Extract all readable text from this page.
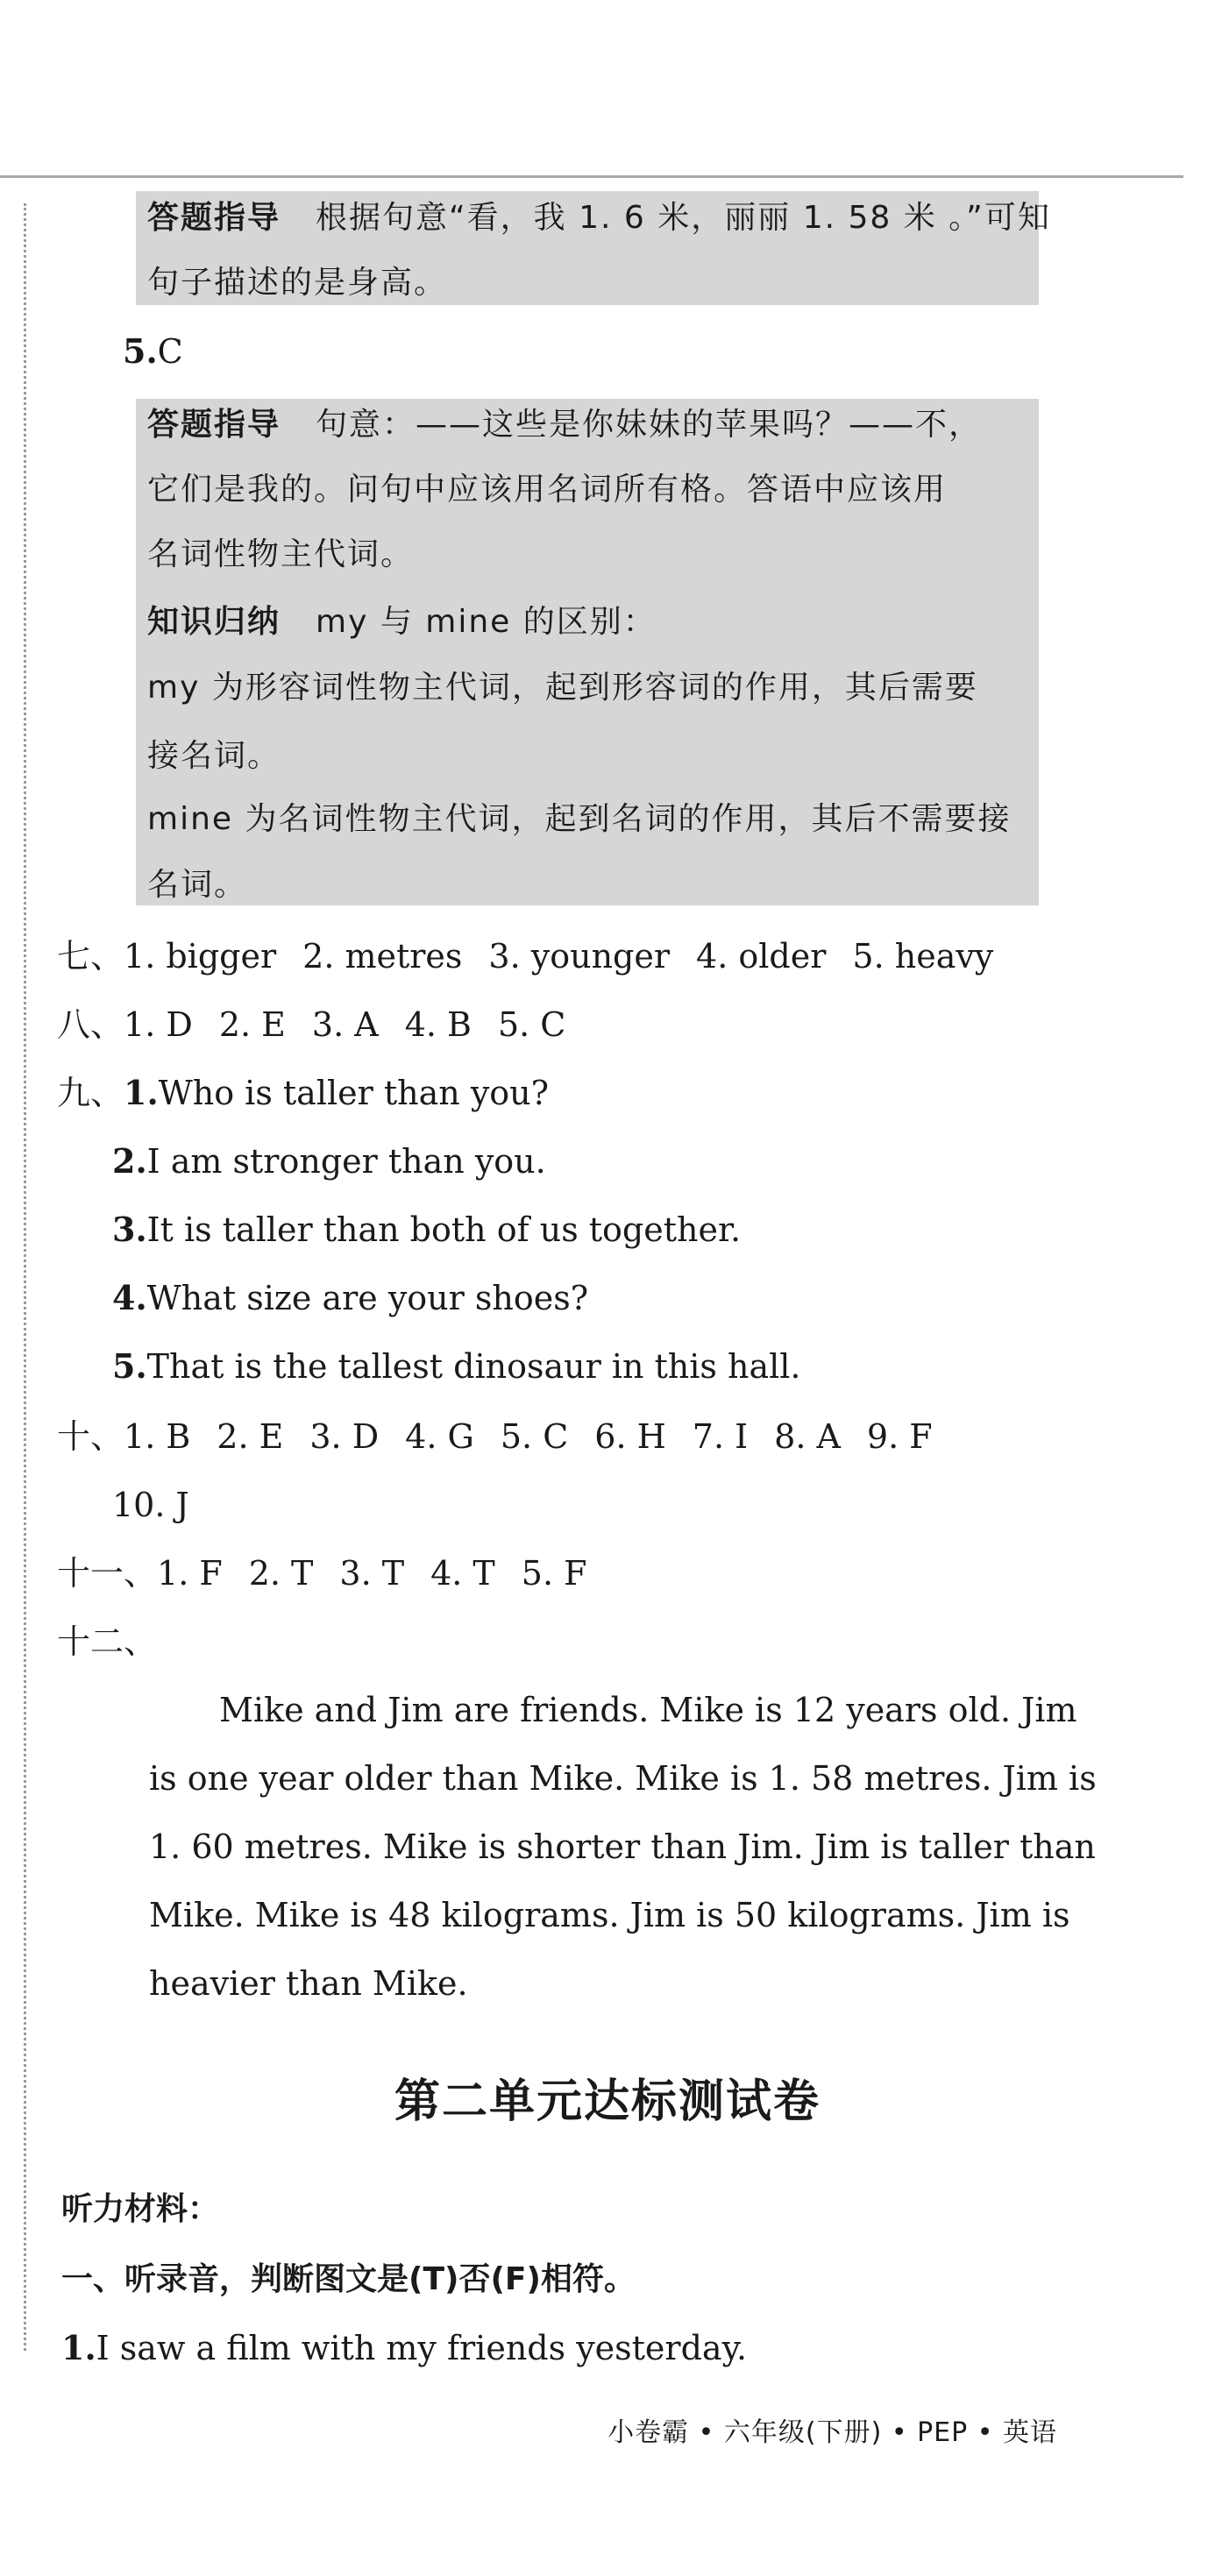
答题指导 根据句意“看，我 1. 6 米，丽丽 1. 58 米 。”可知
句子描述的是身高。
5.C
答题指导 句意：——这些是你妹妹的苹果吗？——不，
它们是我的。问句中应该用名词所有格。答语中应该用
名词性物主代词。
知识归纳 my 与 mine 的区别：
my 为形容词性物主代词，起到形容词的作用，其后需要
接名词。
mine 为名词性物主代词，起到名词的作用，其后不需要接
名词。
七、1. bigger 2. metres 3. younger 4. older 5. heavy
八、1. D 2. E 3. A 4. B 5. C
九、1.Who is taller than you?
2.I am stronger than you.
3.It is taller than both of us together.
4.What size are your shoes?
5.That is the tallest dinosaur in this hall.
十、1. B 2. E 3. D 4. G 5. C 6. H 7. I 8. A 9. F
10. J
十一、1. F 2. T 3. T 4. T 5. F
十二、
Mike and Jim are friends. Mike is 12 years old. Jim
is one year older than Mike. Mike is 1. 58 metres. Jim is
1. 60 metres. Mike is shorter than Jim. Jim is taller than
Mike. Mike is 48 kilograms. Jim is 50 kilograms. Jim is
heavier than Mike.
第二单元达标测试卷
听力材料：
一、听录音，判断图文是(T)否(F)相符。
1.I saw a film with my friends yesterday.
小卷霸 • 六年级(下册) • PEP • 英语
